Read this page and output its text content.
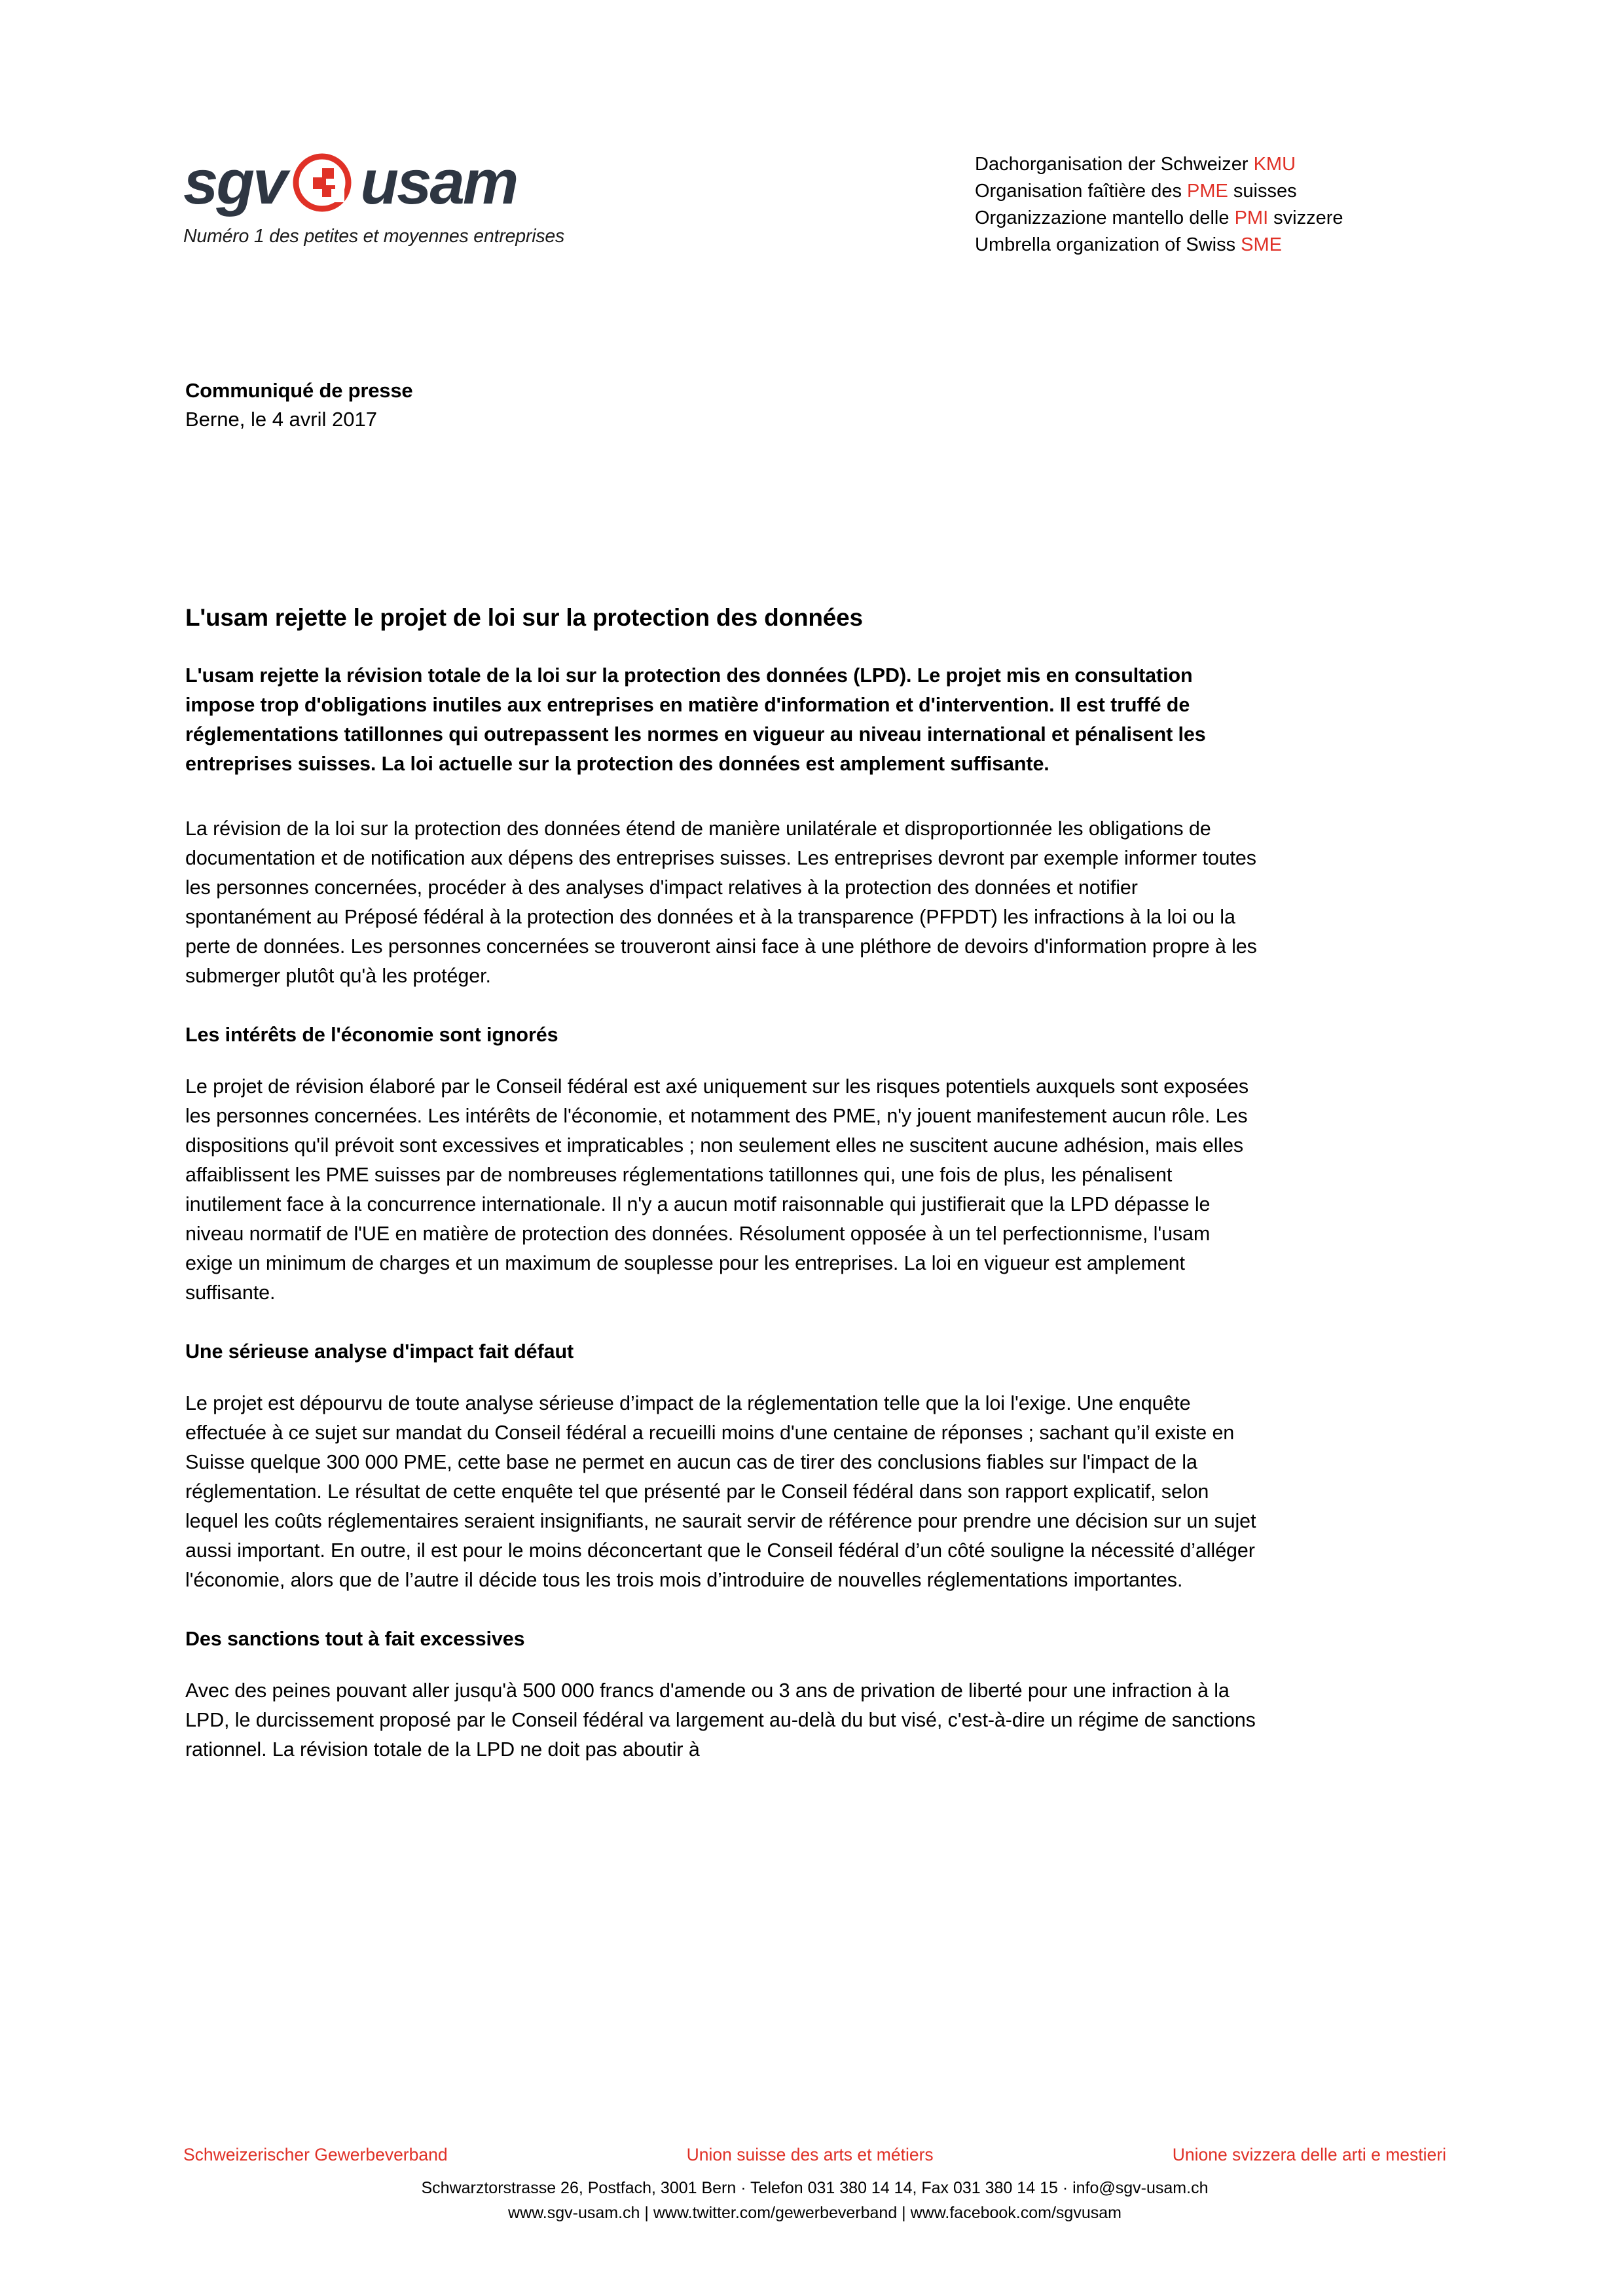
sgv usam
Numéro 1 des petites et moyennes entreprises
Dachorganisation der Schweizer KMU
Organisation faîtière des PME suisses
Organizzazione mantello delle PMI svizzere
Umbrella organization of Swiss SME
Communiqué de presse
Berne, le 4 avril 2017
L'usam rejette le projet de loi sur la protection des données

L'usam rejette la révision totale de la loi sur la protection des données (LPD). Le projet mis en consultation impose trop d'obligations inutiles aux entreprises en matière d'information et d'intervention. Il est truffé de réglementations tatillonnes qui outrepassent les normes en vigueur au niveau international et pénalisent les entreprises suisses. La loi actuelle sur la protection des données est amplement suffisante.

La révision de la loi sur la protection des données étend de manière unilatérale et disproportionnée les obligations de documentation et de notification aux dépens des entreprises suisses. Les entreprises devront par exemple informer toutes les personnes concernées, procéder à des analyses d'impact relatives à la protection des données et notifier spontanément au Préposé fédéral à la protection des données et à la transparence (PFPDT) les infractions à la loi ou la perte de données. Les personnes concernées se trouveront ainsi face à une pléthore de devoirs d'information propre à les submerger plutôt qu'à les protéger.

Les intérêts de l'économie sont ignorés

Le projet de révision élaboré par le Conseil fédéral est axé uniquement sur les risques potentiels auxquels sont exposées les personnes concernées. Les intérêts de l'économie, et notamment des PME, n'y jouent manifestement aucun rôle. Les dispositions qu'il prévoit sont excessives et impraticables ; non seulement elles ne suscitent aucune adhésion, mais elles affaiblissent les PME suisses par de nombreuses réglementations tatillonnes qui, une fois de plus, les pénalisent inutilement face à la concurrence internationale. Il n'y a aucun motif raisonnable qui justifierait que la LPD dépasse le niveau normatif de l'UE en matière de protection des données. Résolument opposée à un tel perfectionnisme, l'usam exige un minimum de charges et un maximum de souplesse pour les entreprises. La loi en vigueur est amplement suffisante.

Une sérieuse analyse d'impact fait défaut

Le projet est dépourvu de toute analyse sérieuse d’impact de la réglementation telle que la loi l'exige. Une enquête effectuée à ce sujet sur mandat du Conseil fédéral a recueilli moins d'une centaine de réponses ; sachant qu’il existe en Suisse quelque 300 000 PME, cette base ne permet en aucun cas de tirer des conclusions fiables sur l'impact de la réglementation. Le résultat de cette enquête tel que présenté par le Conseil fédéral dans son rapport explicatif, selon lequel les coûts réglementaires seraient insignifiants, ne saurait servir de référence pour prendre une décision sur un sujet aussi important. En outre, il est pour le moins déconcertant que le Conseil fédéral d’un côté souligne la nécessité d’alléger l'économie, alors que de l’autre il décide tous les trois mois d’introduire de nouvelles réglementations importantes.

Des sanctions tout à fait excessives

Avec des peines pouvant aller jusqu'à 500 000 francs d'amende ou 3 ans de privation de liberté pour une infraction à la LPD, le durcissement proposé par le Conseil fédéral va largement au-delà du but visé, c'est-à-dire un régime de sanctions rationnel. La révision totale de la LPD ne doit pas aboutir à

Schweizerischer Gewerbeverband	Union suisse des arts et métiers	Unione svizzera delle arti e mestieri
Schwarztorstrasse 26, Postfach, 3001 Bern · Telefon 031 380 14 14, Fax 031 380 14 15 · info@sgv-usam.ch
www.sgv-usam.ch | www.twitter.com/gewerbeverband | www.facebook.com/sgvusam
